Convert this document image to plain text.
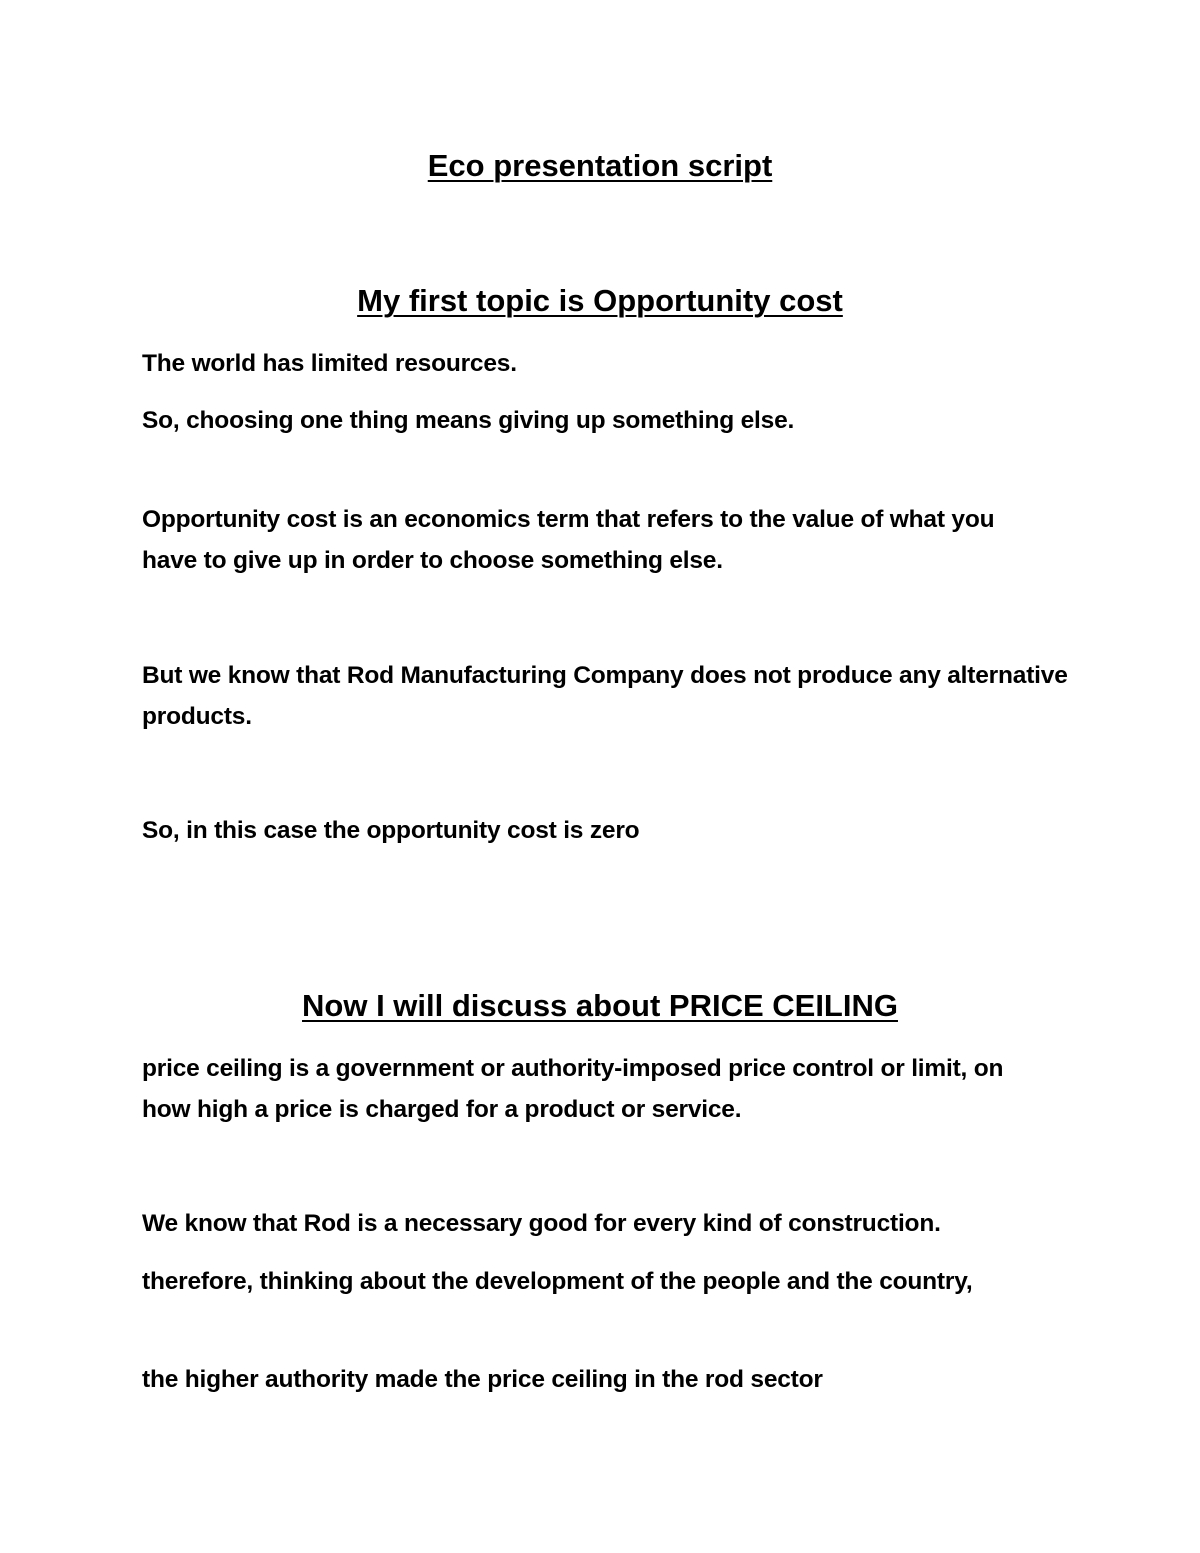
Eco presentation script
My first topic is Opportunity cost

The world has limited resources.

So, choosing one thing means giving up something else.

Opportunity cost is an economics term that refers to the value of what you have to give up in order to choose something else.

But we know that Rod Manufacturing Company does not produce any alternative products.

So, in this case the opportunity cost is zero

Now I will discuss about PRICE CEILING

price ceiling is a government or authority-imposed price control or limit, on how high a price is charged for a product or service.

We know that Rod is a necessary good for every kind of construction.

therefore, thinking about the development of the people and the country,

the higher authority made the price ceiling in the rod sector
